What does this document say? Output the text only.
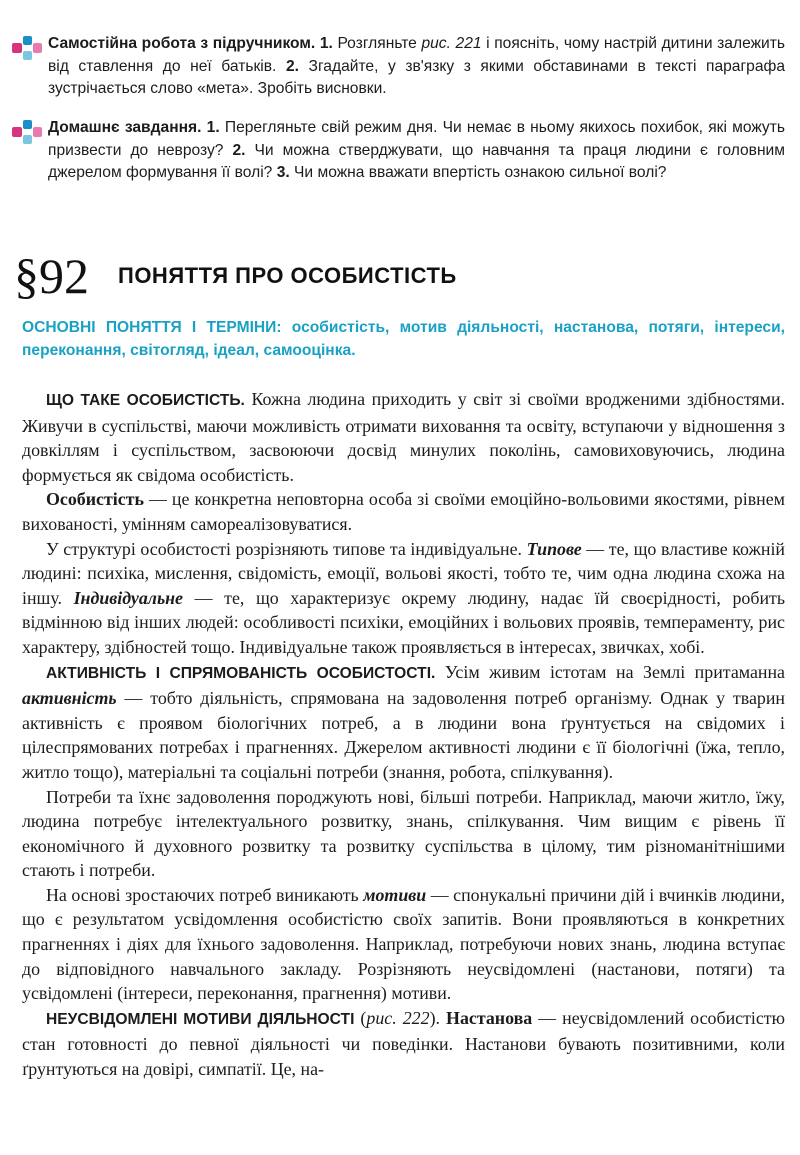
Самостійна робота з підручником. 1. Розгляньте рис. 221 і поясніть, чому настрій дитини залежить від ставлення до неї батьків. 2. Згадайте, у зв'язку з якими обставинами в тексті параграфа зустрічається слово «мета». Зробіть висновки.

Домашнє завдання. 1. Перегляньте свій режим дня. Чи немає в ньому якихось похибок, які можуть призвести до неврозу? 2. Чи можна стверджувати, що навчання та праця людини є головним джерелом формування її волі? 3. Чи можна вважати впертість ознакою сильної волі?

§92 ПОНЯТТЯ ПРО ОСОБИСТІСТЬ
ОСНОВНІ ПОНЯТТЯ І ТЕРМІНИ: особистість, мотив діяльності, настанова, потяги, інтереси, переконання, світогляд, ідеал, самооцінка.

ЩО ТАКЕ ОСОБИСТІСТЬ. Кожна людина приходить у світ зі своїми вродженими здібностями. Живучи в суспільстві, маючи можливість отримати виховання та освіту, вступаючи у відношення з довкіллям і суспільством, засвоюючи досвід минулих поколінь, самовиховуючись, людина формується як свідома особистість.

Особистість — це конкретна неповторна особа зі своїми емоційно-вольовими якостями, рівнем вихованості, умінням самореалізовуватися.

У структурі особистості розрізняють типове та індивідуальне. Типове — те, що властиве кожній людині: психіка, мислення, свідомість, емоції, вольові якості, тобто те, чим одна людина схожа на іншу. Індивідуальне — те, що характеризує окрему людину, надає їй своєрідності, робить відмінною від інших людей: особливості психіки, емоційних і вольових проявів, темпераменту, рис характеру, здібностей тощо. Індивідуальне також проявляється в інтересах, звичках, хобі.

АКТИВНІСТЬ І СПРЯМОВАНІСТЬ ОСОБИСТОСТІ. Усім живим істотам на Землі притаманна активність — тобто діяльність, спрямована на задоволення потреб організму. Однак у тварин активність є проявом біологічних потреб, а в людини вона ґрунтується на свідомих і цілеспрямованих потребах і прагненнях. Джерелом активності людини є її біологічні (їжа, тепло, житло тощо), матеріальні та соціальні потреби (знання, робота, спілкування).

Потреби та їхнє задоволення породжують нові, більші потреби. Наприклад, маючи житло, їжу, людина потребує інтелектуального розвитку, знань, спілкування. Чим вищим є рівень її економічного й духовного розвитку та розвитку суспільства в цілому, тим різноманітнішими стають і потреби.

На основі зростаючих потреб виникають мотиви — спонукальні причини дій і вчинків людини, що є результатом усвідомлення особистістю своїх запитів. Вони проявляються в конкретних прагненнях і діях для їхнього задоволення. Наприклад, потребуючи нових знань, людина вступає до відповідного навчального закладу. Розрізняють неусвідомлені (настанови, потяги) та усвідомлені (інтереси, переконання, прагнення) мотиви.

НЕУСВІДОМЛЕНІ МОТИВИ ДІЯЛЬНОСТІ (рис. 222). Настанова — неусвідомлений особистістю стан готовності до певної діяльності чи поведінки. Настанови бувають позитивними, коли ґрунтуються на довірі, симпатії. Це, на-
